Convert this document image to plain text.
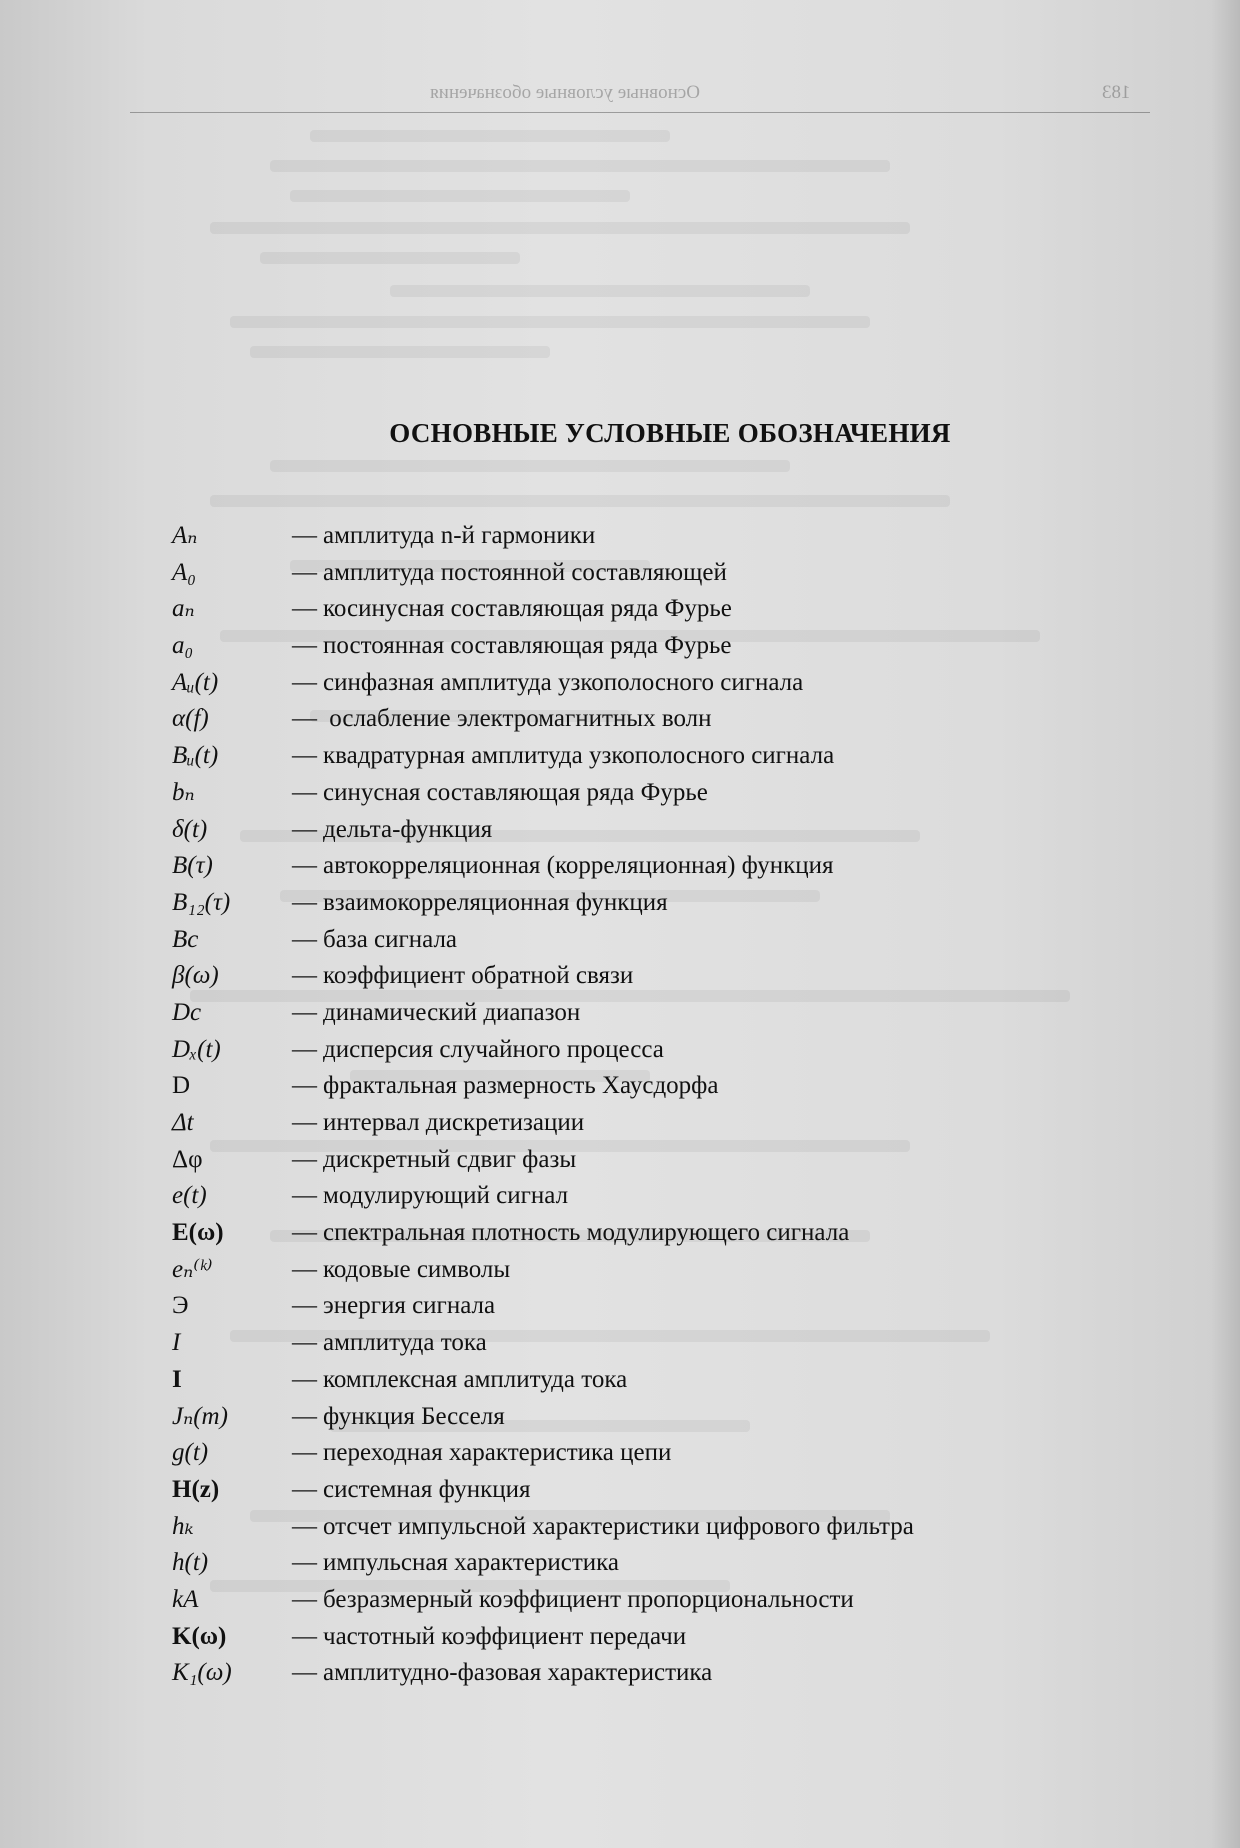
Основные условные обозначения	183
ОСНОВНЫЕ УСЛОВНЫЕ ОБОЗНАЧЕНИЯ
Aₙ	— амплитуда n-й гармоники
A₀	— амплитуда постоянной составляющей
aₙ	— косинусная составляющая ряда Фурье
a₀	— постоянная составляющая ряда Фурье
Aᵤ(t)	— синфазная амплитуда узкополосного сигнала
α(f)	— ослабление электромагнитных волн
Bᵤ(t)	— квадратурная амплитуда узкополосного сигнала
bₙ	— синусная составляющая ряда Фурье
δ(t)	— дельта-функция
B(τ)	— автокорреляционная (корреляционная) функция
B₁₂(τ)	— взаимокорреляционная функция
Bс	— база сигнала
β(ω)	— коэффициент обратной связи
Dс	— динамический диапазон
Dₓ(t)	— дисперсия случайного процесса
D	— фрактальная размерность Хаусдорфа
Δt	— интервал дискретизации
Δφ	— дискретный сдвиг фазы
e(t)	— модулирующий сигнал
E(ω)	— спектральная плотность модулирующего сигнала
eₙ⁽ᵏ⁾	— кодовые символы
Э	— энергия сигнала
I	— амплитуда тока
I	— комплексная амплитуда тока
Jₙ(m)	— функция Бесселя
g(t)	— переходная характеристика цепи
H(z)	— системная функция
hₖ	— отсчет импульсной характеристики цифрового фильтра
h(t)	— импульсная характеристика
kА	— безразмерный коэффициент пропорциональности
K(ω)	— частотный коэффициент передачи
K₁(ω)	— амплитудно-фазовая характеристика
